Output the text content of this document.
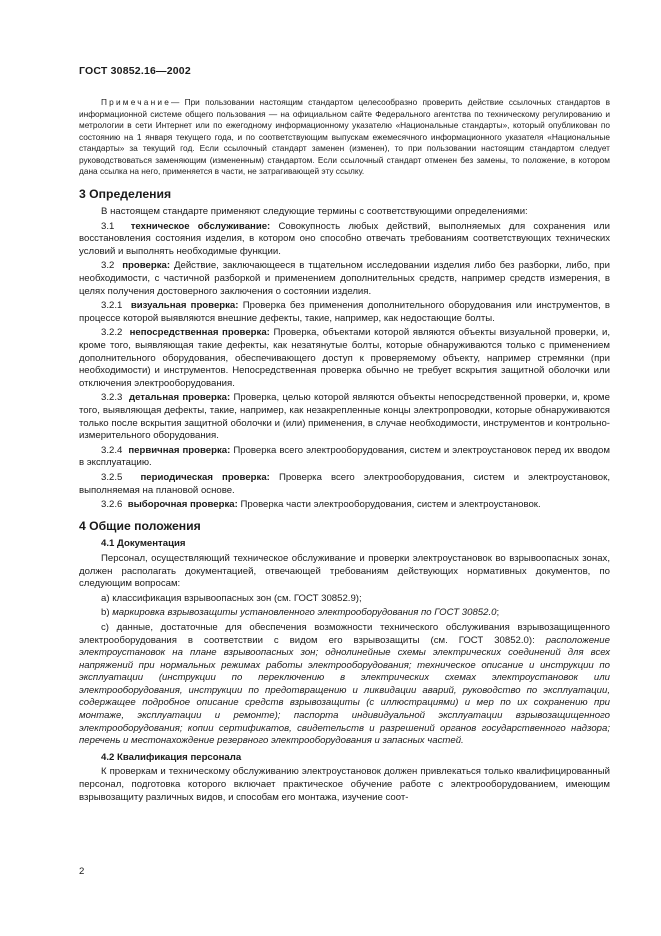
ГОСТ 30852.16—2002

Примечание— При пользовании настоящим стандартом целесообразно проверить действие ссылочных стандартов в информационной системе общего пользования — на официальном сайте Федерального агентства по техническому регулированию и метрологии в сети Интернет или по ежегодному информационному указателю «Национальные стандарты», который опубликован по состоянию на 1 января текущего года, и по соответствующим выпускам ежемесячного информационного указателя «Национальные стандарты» за текущий год. Если ссылочный стандарт заменен (изменен), то при пользовании настоящим стандартом следует руководствоваться заменяющим (измененным) стандартом. Если ссылочный стандарт отменен без замены, то положение, в котором дана ссылка на него, применяется в части, не затрагивающей эту ссылку.

3 Определения

В настоящем стандарте применяют следующие термины с соответствующими определениями:

3.1 техническое обслуживание: Совокупность любых действий, выполняемых для сохранения или восстановления состояния изделия, в котором оно способно отвечать требованиям соответствующих технических условий и выполнять необходимые функции.

3.2 проверка: Действие, заключающееся в тщательном исследовании изделия либо без разборки, либо, при необходимости, с частичной разборкой и применением дополнительных средств, например средств измерения, в целях получения достоверного заключения о состоянии изделия.

3.2.1 визуальная проверка: Проверка без применения дополнительного оборудования или инструментов, в процессе которой выявляются внешние дефекты, такие, например, как недостающие болты.

3.2.2 непосредственная проверка: Проверка, объектами которой являются объекты визуальной проверки, и, кроме того, выявляющая такие дефекты, как незатянутые болты, которые обнаруживаются только с применением дополнительного оборудования, обеспечивающего доступ к проверяемому объекту, например стремянки (при необходимости) и инструментов. Непосредственная проверка обычно не требует вскрытия защитной оболочки или отключения электрооборудования.

3.2.3 детальная проверка: Проверка, целью которой являются объекты непосредственной проверки, и, кроме того, выявляющая дефекты, такие, например, как незакрепленные концы электропроводки, которые обнаруживаются только после вскрытия защитной оболочки и (или) применения, в случае необходимости, инструментов и контрольно-измерительного оборудования.

3.2.4 первичная проверка: Проверка всего электрооборудования, систем и электроустановок перед их вводом в эксплуатацию.

3.2.5 периодическая проверка: Проверка всего электрооборудования, систем и электроустановок, выполняемая на плановой основе.

3.2.6 выборочная проверка: Проверка части электрооборудования, систем и электроустановок.

4 Общие положения
4.1 Документация

Персонал, осуществляющий техническое обслуживание и проверки электроустановок во взрывоопасных зонах, должен располагать документацией, отвечающей требованиям действующих нормативных документов, по следующим вопросам:

а) классификация взрывоопасных зон (см. ГОСТ 30852.9);

b) маркировка взрывозащиты установленного электрооборудования по ГОСТ 30852.0;

c) данные, достаточные для обеспечения возможности технического обслуживания взрывозащищенного электрооборудования в соответствии с видом его взрывозащиты (см. ГОСТ 30852.0): расположение электроустановок на плане взрывоопасных зон; однолинейные схемы электрических соединений для всех напряжений при нормальных режимах работы электрооборудования; техническое описание и инструкции по эксплуатации (инструкции по переключению в электрических схемах электроустановок или электрооборудования, инструкции по предотвращению и ликвидации аварий, руководство по эксплуатации, содержащее подробное описание средств взрывозащиты (с иллюстрациями) и мер по их сохранению при монтаже, эксплуатации и ремонте); паспорта индивидуальной эксплуатации взрывозащищенного электрооборудования; копии сертификатов, свидетельств и разрешений органов государственного надзора; перечень и местонахождение резервного электрооборудования и запасных частей.

4.2 Квалификация персонала

К проверкам и техническому обслуживанию электроустановок должен привлекаться только квалифицированный персонал, подготовка которого включает практическое обучение работе с электрооборудованием, имеющим взрывозащиту различных видов, и способам его монтажа, изучение соот-

2
